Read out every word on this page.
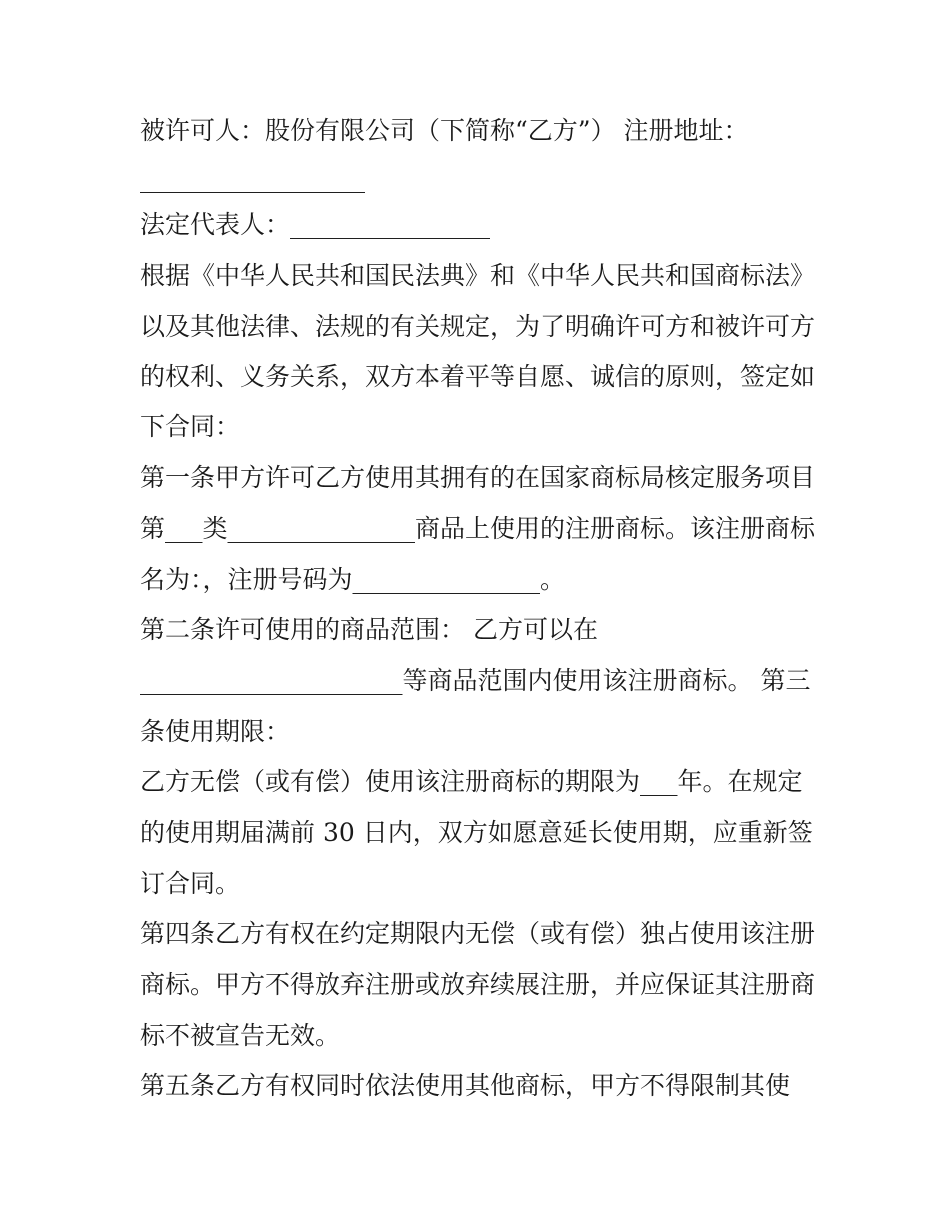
被许可人：股份有限公司（下简称“乙方”） 注册地址：

__________________

法定代表人：________________

根据《中华人民共和国民法典》和《中华人民共和国商标法》

以及其他法律、法规的有关规定，为了明确许可方和被许可方

的权利、义务关系，双方本着平等自愿、诚信的原则，签定如

下合同：

第一条甲方许可乙方使用其拥有的在国家商标局核定服务项目

第___类_______________商品上使用的注册商标。该注册商标

名为：，注册号码为_______________。

第二条许可使用的商品范围： 乙方可以在

_____________________等商品范围内使用该注册商标。 第三

条使用期限：

乙方无偿（或有偿）使用该注册商标的期限为___年。在规定

的使用期届满前 30 日内，双方如愿意延长使用期，应重新签

订合同。

第四条乙方有权在约定期限内无偿（或有偿）独占使用该注册

商标。甲方不得放弃注册或放弃续展注册，并应保证其注册商

标不被宣告无效。

第五条乙方有权同时依法使用其他商标，甲方不得限制其使
